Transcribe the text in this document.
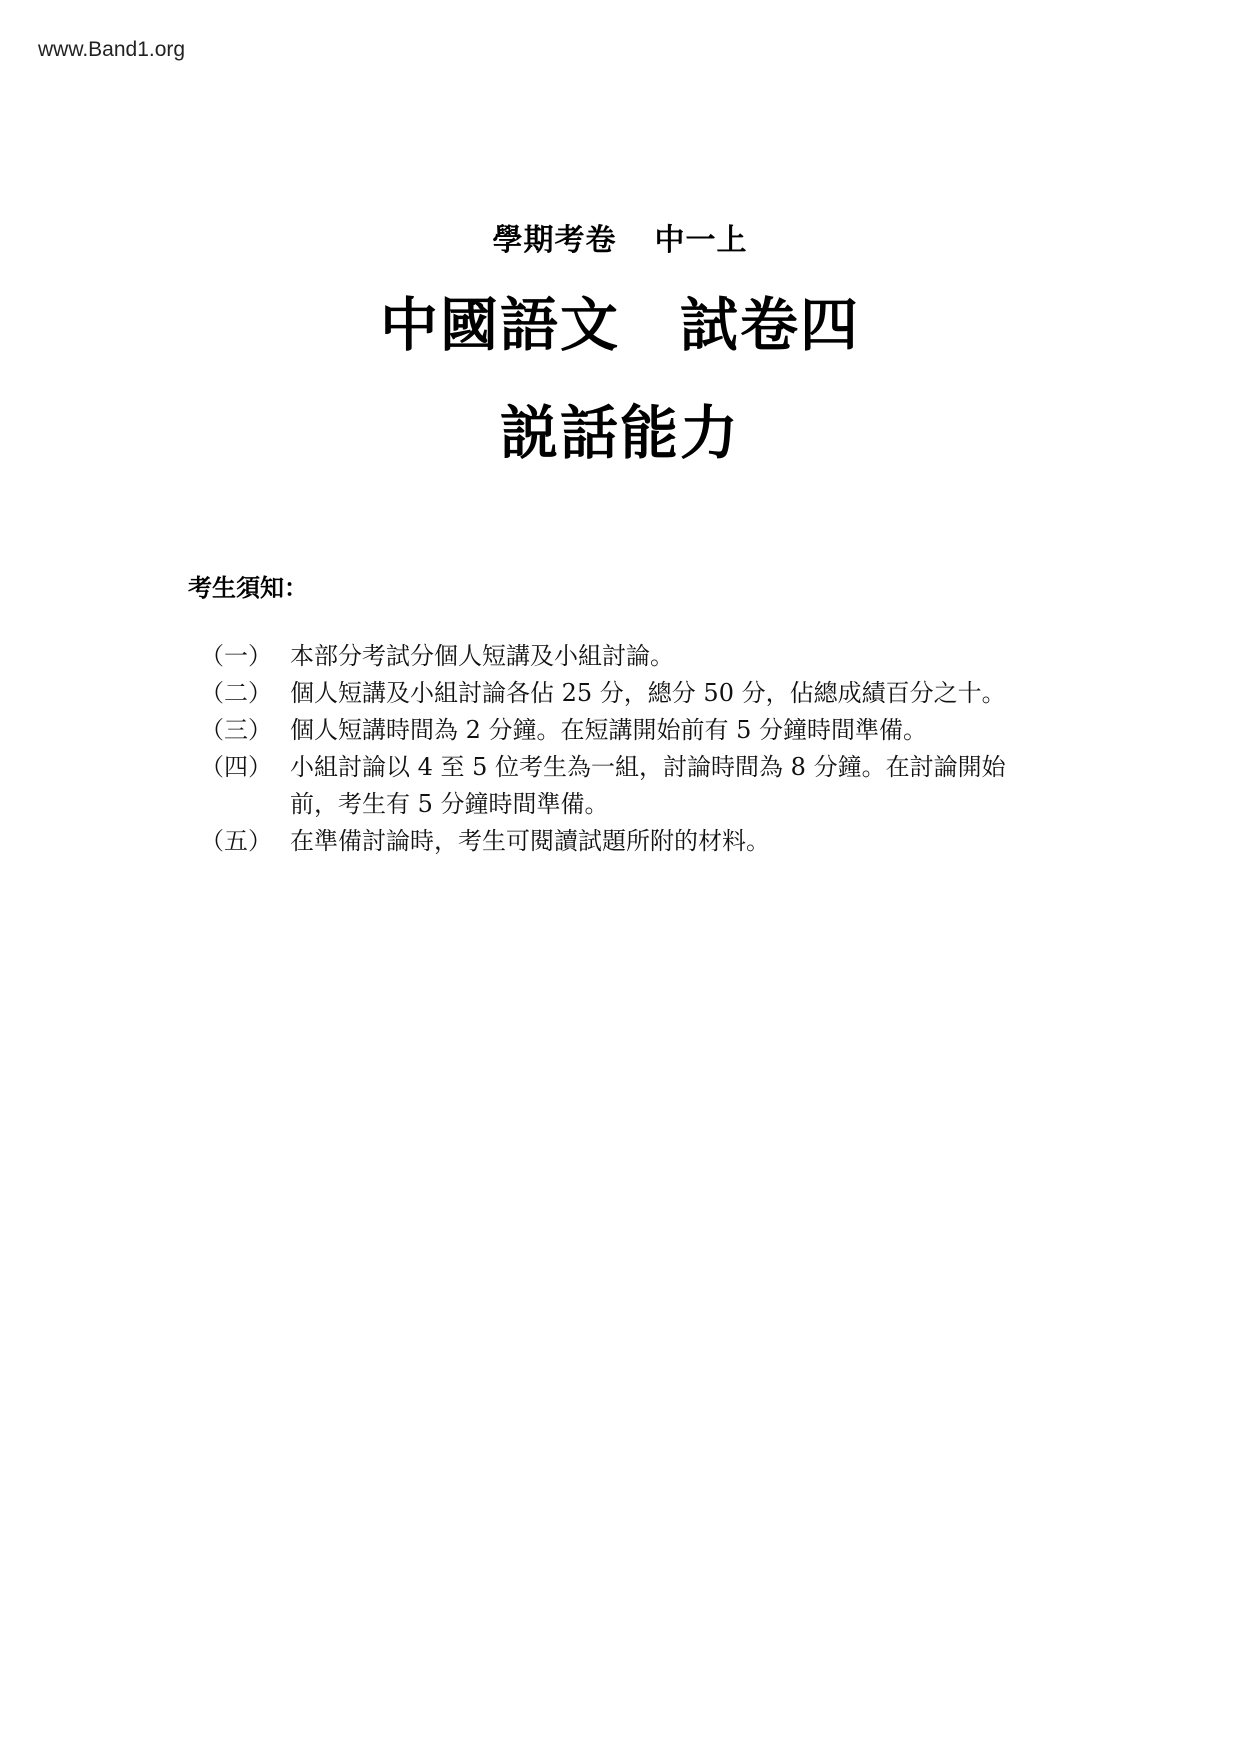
www.Band1.org
學期考卷 中一上
中國語文 試卷四
説話能力
考生須知：
（一） 本部分考試分個人短講及小組討論。
（二） 個人短講及小組討論各佔 25 分，總分 50 分，佔總成績百分之十。
（三） 個人短講時間為 2 分鐘。在短講開始前有 5 分鐘時間準備。
（四） 小組討論以 4 至 5 位考生為一組，討論時間為 8 分鐘。在討論開始前，考生有 5 分鐘時間準備。
（五） 在準備討論時，考生可閱讀試題所附的材料。
